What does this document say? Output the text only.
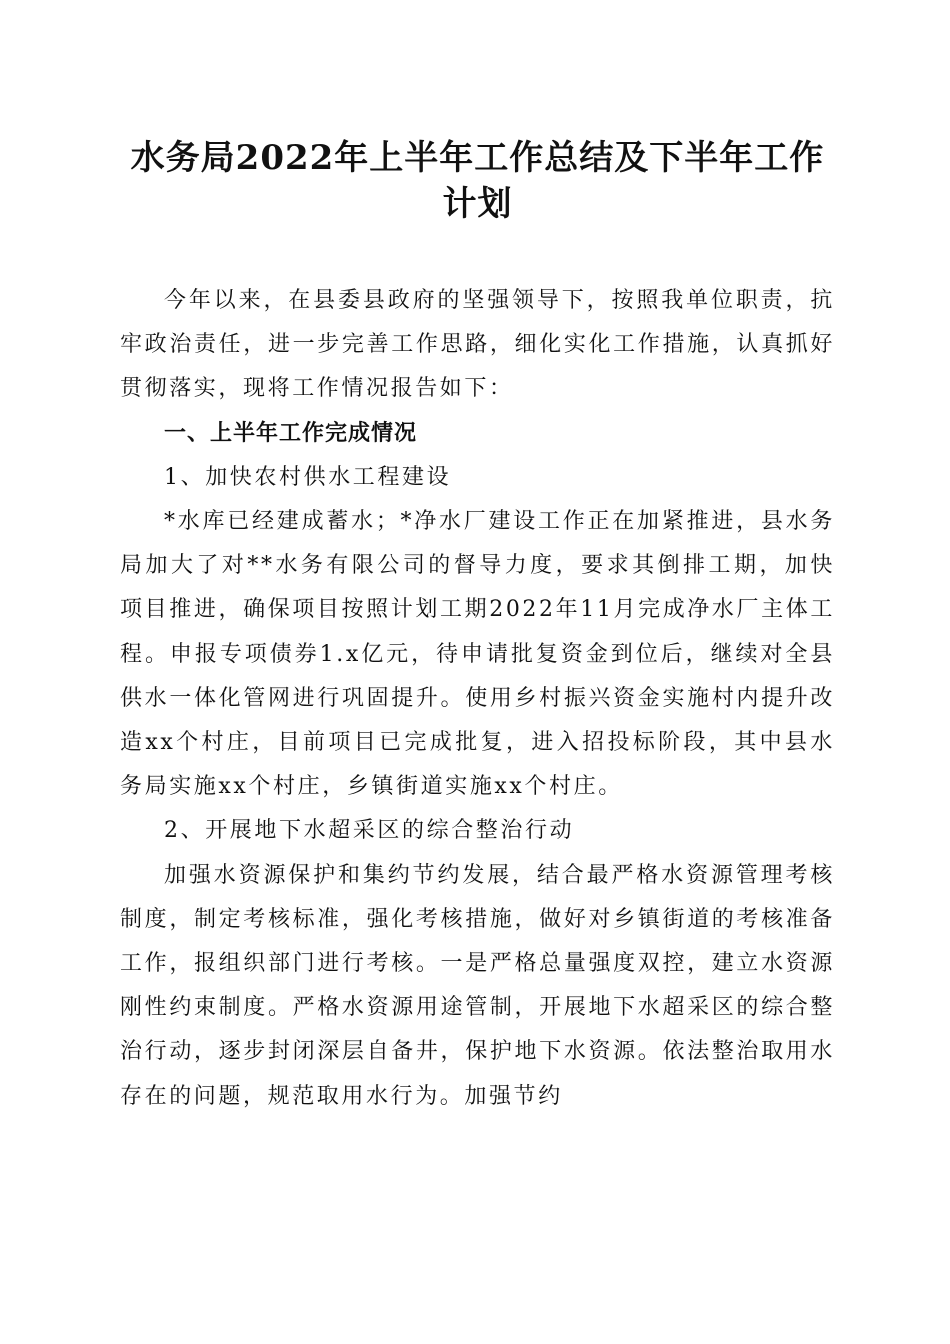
水务局2022年上半年工作总结及下半年工作
计划

今年以来，在县委县政府的坚强领导下，按照我单位职责，抗牢政治责任，进一步完善工作思路，细化实化工作措施，认真抓好贯彻落实，现将工作情况报告如下：

一、上半年工作完成情况

1、加快农村供水工程建设

*水库已经建成蓄水；*净水厂建设工作正在加紧推进，县水务局加大了对**水务有限公司的督导力度，要求其倒排工期，加快项目推进，确保项目按照计划工期2022年11月完成净水厂主体工程。申报专项债券1.x亿元，待申请批复资金到位后，继续对全县供水一体化管网进行巩固提升。使用乡村振兴资金实施村内提升改造xx个村庄，目前项目已完成批复，进入招投标阶段，其中县水务局实施xx个村庄，乡镇街道实施xx个村庄。

2、开展地下水超采区的综合整治行动

加强水资源保护和集约节约发展，结合最严格水资源管理考核制度，制定考核标准，强化考核措施，做好对乡镇街道的考核准备工作，报组织部门进行考核。一是严格总量强度双控，建立水资源刚性约束制度。严格水资源用途管制，开展地下水超采区的综合整治行动，逐步封闭深层自备井，保护地下水资源。依法整治取用水存在的问题，规范取用水行为。加强节约
